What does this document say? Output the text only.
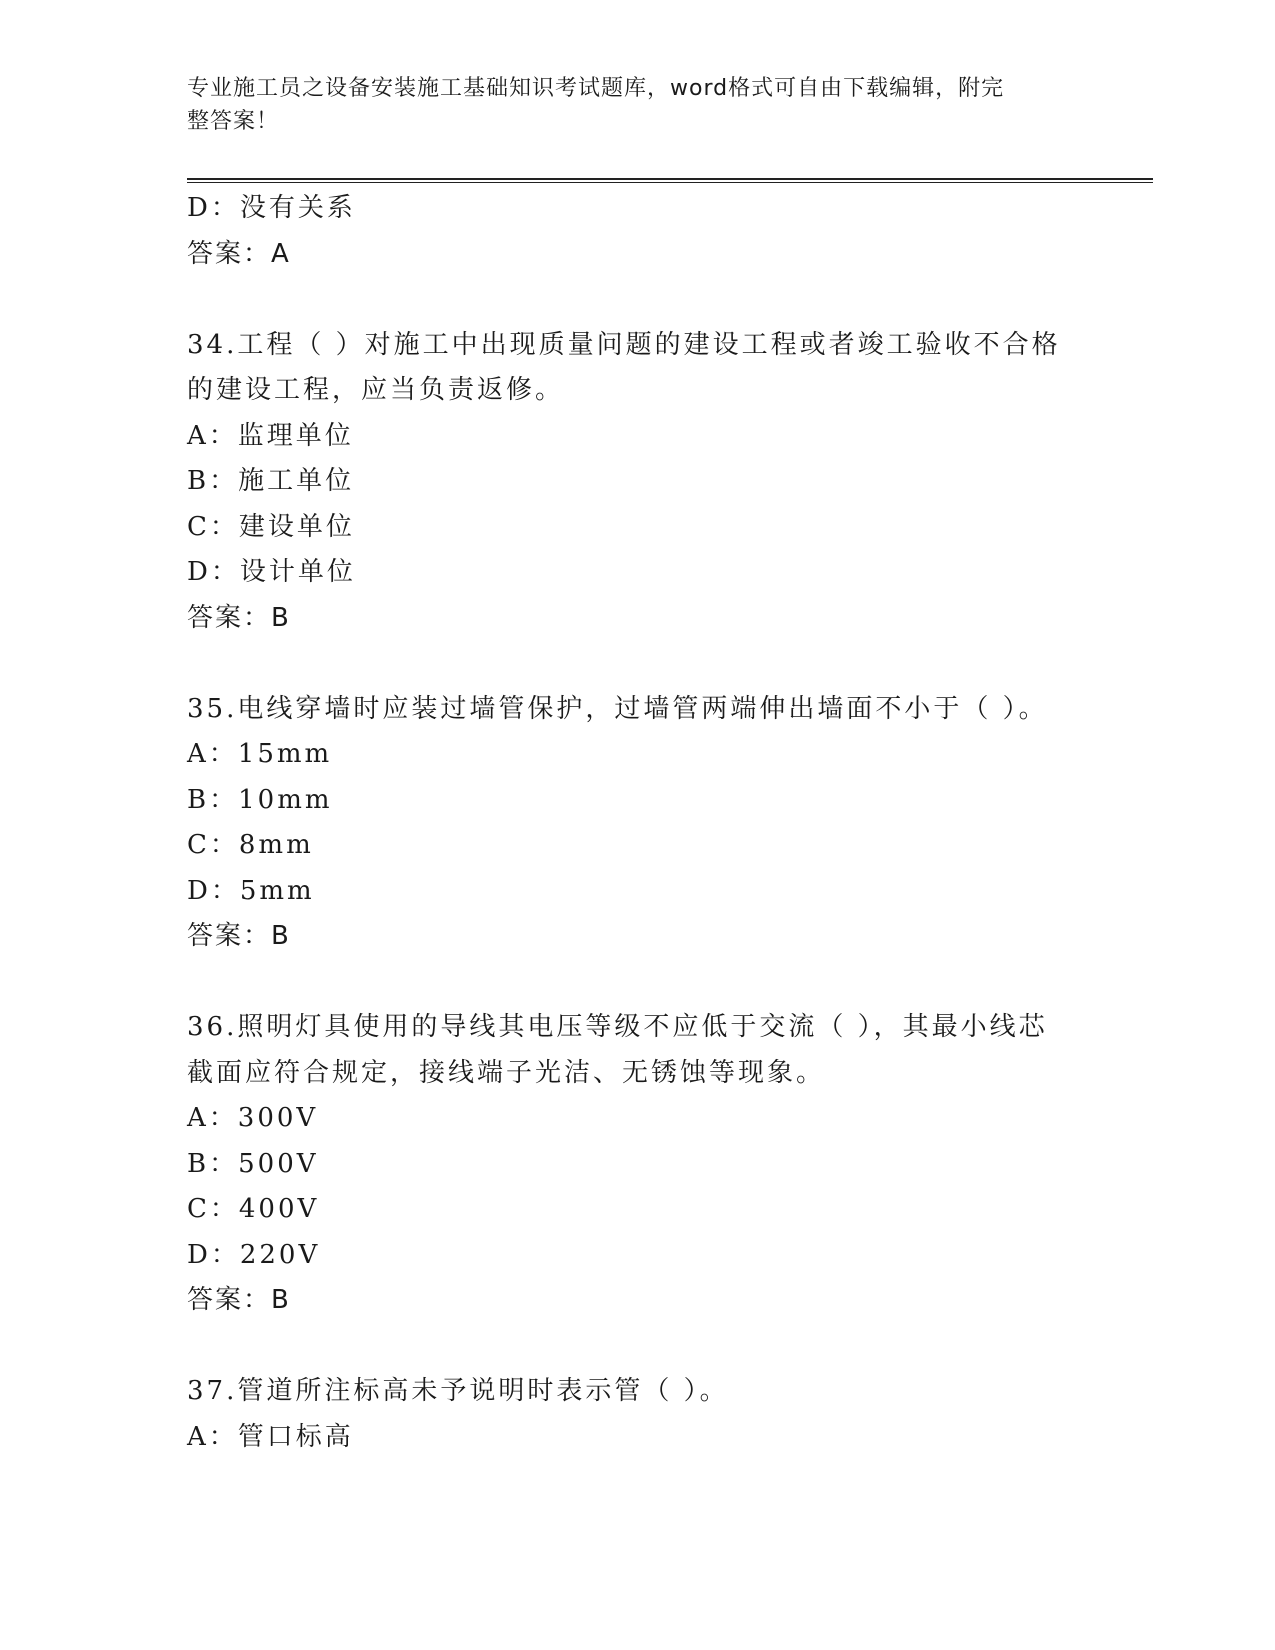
专业施工员之设备安装施工基础知识考试题库，word格式可自由下载编辑，附完
整答案！
D：没有关系
答案：A
34.工程（ ）对施工中出现质量问题的建设工程或者竣工验收不合格
的建设工程，应当负责返修。
A：监理单位
B：施工单位
C：建设单位
D：设计单位
答案：B
35.电线穿墙时应装过墙管保护，过墙管两端伸出墙面不小于（ ）。
A：15mm
B：10mm
C：8mm
D：5mm
答案：B
36.照明灯具使用的导线其电压等级不应低于交流（ ），其最小线芯
截面应符合规定，接线端子光洁、无锈蚀等现象。
A：300V
B：500V
C：400V
D：220V
答案：B
37.管道所注标高未予说明时表示管（ ）。
A：管口标高
